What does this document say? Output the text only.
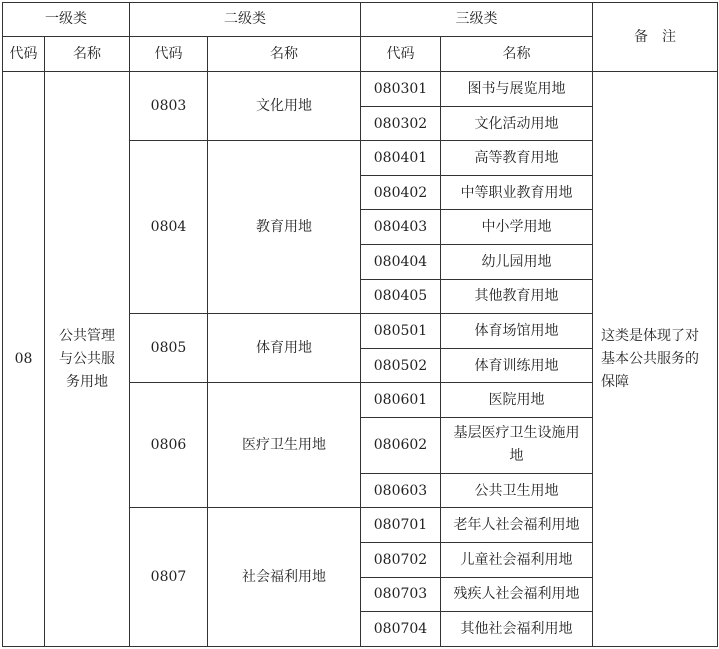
一级类		二级类		三级类		备　注
代码	名称	代码	名称	代码	名称	
08	公共管理与公共服务用地	0803	文化用地	080301	图书与展览用地	这类是体现了对基本公共服务的保障
				080302	文化活动用地	
		0804	教育用地	080401	高等教育用地	
				080402	中等职业教育用地	
				080403	中小学用地	
				080404	幼儿园用地	
				080405	其他教育用地	
		0805	体育用地	080501	体育场馆用地	
				080502	体育训练用地	
		0806	医疗卫生用地	080601	医院用地	
				080602	基层医疗卫生设施用地	
				080603	公共卫生用地	
		0807	社会福利用地	080701	老年人社会福利用地	
				080702	儿童社会福利用地	
				080703	残疾人社会福利用地	
				080704	其他社会福利用地	
